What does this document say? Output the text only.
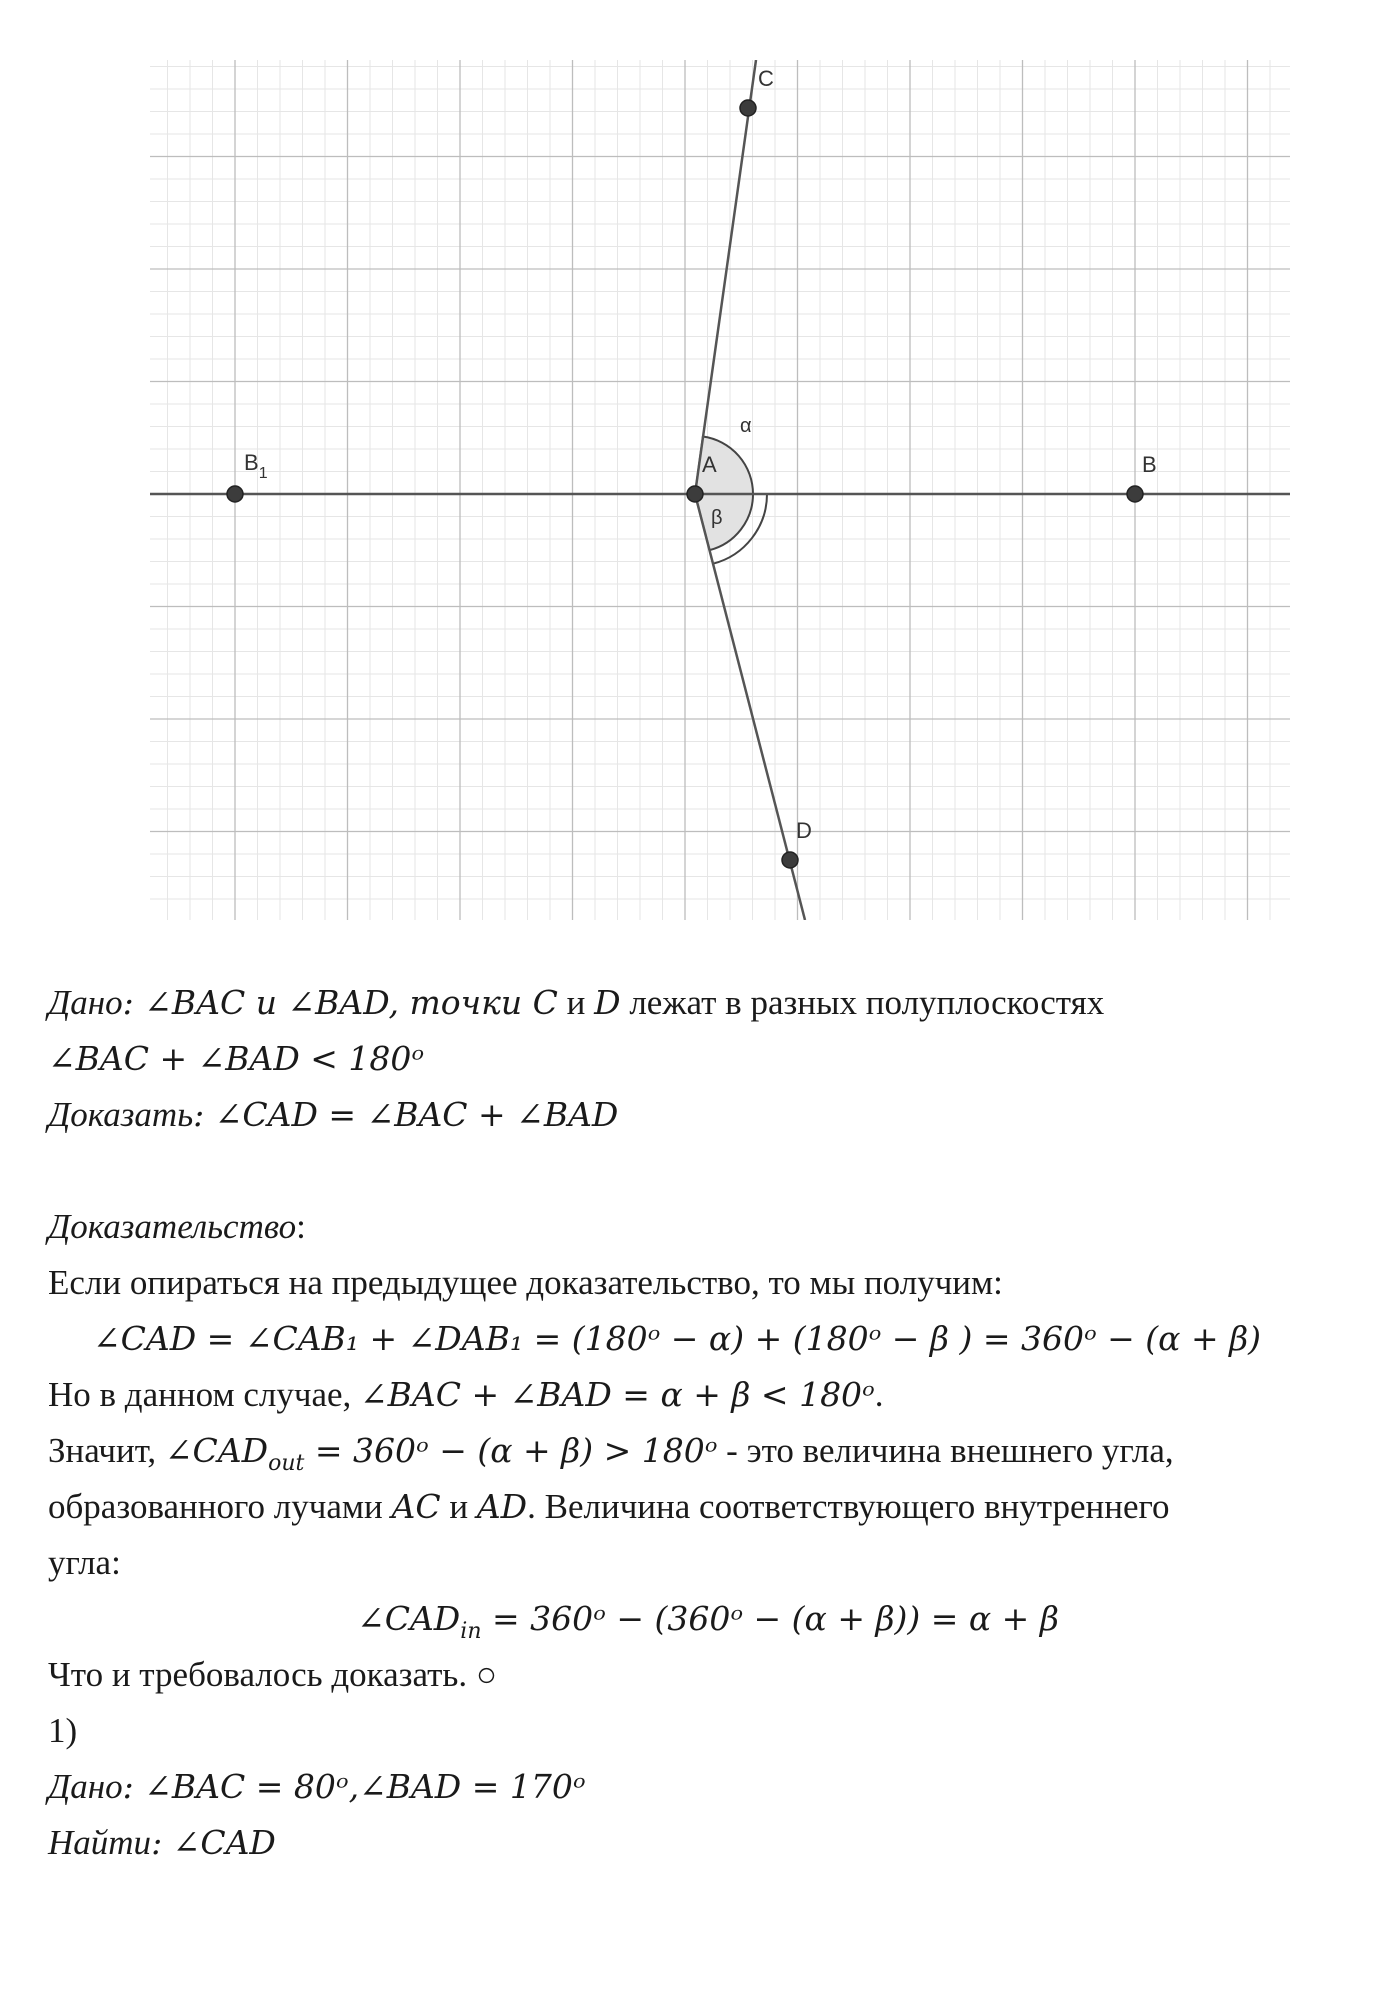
C
A	B
$B_1$
D
α
β
Дано: ∠BAC и ∠BAD, точки C и D лежат в разных полуплоскостях
∠BAC + ∠BAD < 180ᵒ
Доказать: ∠CAD = ∠BAC + ∠BAD
Доказательство:
Если опираться на предыдущее доказательство, то мы получим:
∠CAD = ∠CAB₁ + ∠DAB₁ = (180ᵒ − α) + (180ᵒ − β ) = 360ᵒ − (α + β)
Но в данном случае, ∠BAC + ∠BAD = α + β < 180ᵒ.
Значит, $\angle CAD_{out}$ = 360ᵒ − (α + β) > 180ᵒ - это величина внешнего угла,
образованного лучами AC и AD. Величина соответствующего внутреннего
угла:
$\angle CAD_{in}$ = 360ᵒ − (360ᵒ − (α + β)) = α + β
Что и требовалось доказать. ○
1)
Дано: ∠BAC = 80ᵒ,∠BAD = 170ᵒ
Найти: ∠CAD
